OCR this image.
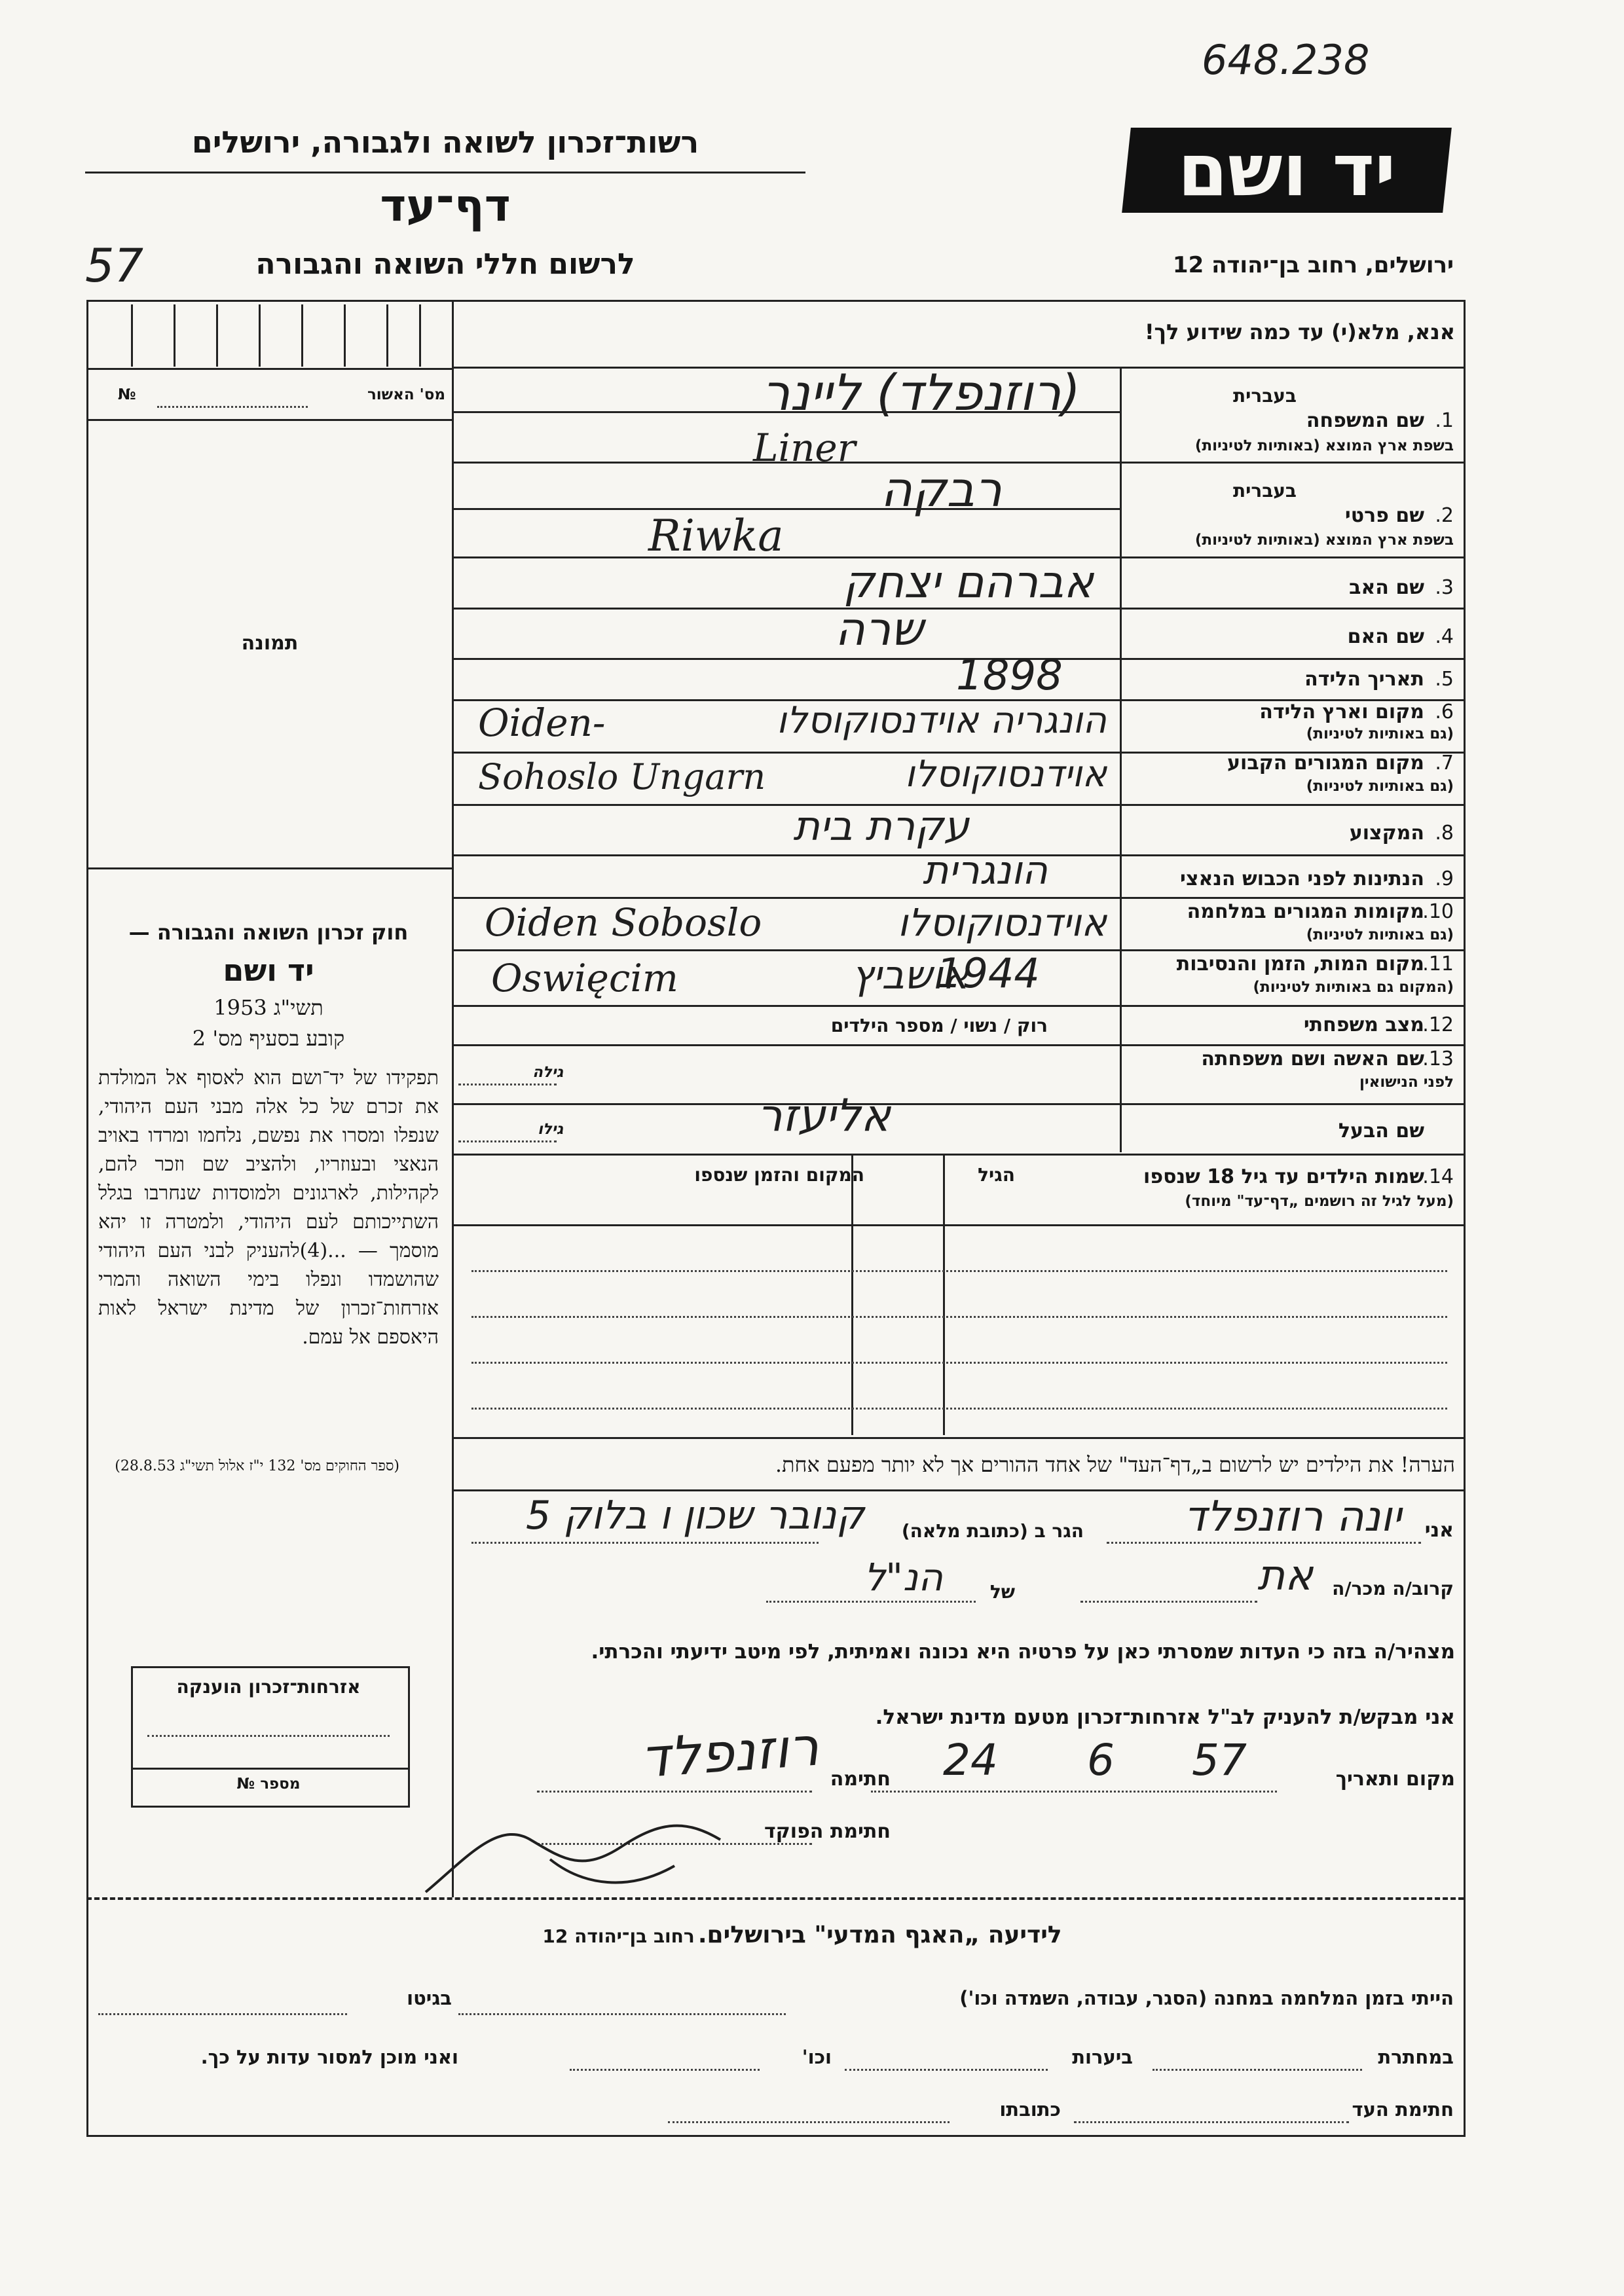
648.238
57
רשות־זכרון לשואה ולגבורה, ירושלים
דף־עד
לרשום חללי השואה והגבורה
יד ושם
ירושלים, רחוב בן־יהודה 12
אנא, מלא(י) עד כמה שידוע לך!
מס' האשור
№
תמונה
חוק זכרון השואה והגבורה —
יד ושם
תשי"ג 1953
קובע בסעיף מס' 2
תפקידו של יד־ושם הוא לאסוף אל המולדת את זכרם של כל אלה מבני העם היהודי, שנפלו ומסרו את נפשם, נלחמו ומרדו באויב הנאצי ובעוזריו, ולהציב שם וזכר להם, לקהילות, לארגונים ולמוסדות שנחרבו בגלל השתייכותם לעם היהודי, ולמטרה זו יהא מוסמך — ...(4)להעניק לבני העם היהודי שהושמדו ונפלו בימי השואה והמרי אזרחות־זכרון של מדינת ישראל לאות היאספם אל עמם.
(ספר החוקים מס' 132 י"ז אלול תשי"ג 28.8.53)
אזרחות־זכרון הוענקה
מספר №
1.
שם המשפחה
בעברית
בשפת ארץ המוצא (באותיות לטיניות)
(רוזנפלד) ליינר
Liner
2.
שם פרטי
בעברית
בשפת ארץ המוצא (באותיות לטיניות)
רבקה
Riwka
3.
שם האב
אברהם יצחק
4.
שם האם
שרה
5.
תאריך הלידה
1898
6.
מקום וארץ הלידה
(גם באותיות לטיניות)
הונגריה אוידנסוקוסלו
Oiden-
7.
מקום המגורים הקבוע
(גם באותיות לטיניות)
אוידנסוקוסלו
Sohoslo Ungarn
8.
המקצוע
עקרת בית
9.
הנתינות לפני הכבוש הנאצי
הונגרית
10.
מקומות המגורים במלחמה
(גם באותיות לטיניות)
אוידנסוקוסלו
Oiden Soboslo
11.
מקום המות, הזמן והנסיבות
(המקום גם באותיות לטיניות)
אושביץ
Oswięcim	1944
12.
מצב משפחתי
רוק / נשוי / מספר הילדים
13.
שם האשה ושם משפחתה
לפני הנישואין
גילה
שם הבעל
גילו	אליעזר
14.
שמות הילדים עד גיל 18 שנספו
(מעל לגיל זה רושמים „דף־עד" מיוחד)
הגיל
המקום והזמן שנספו
הערה! את הילדים יש לרשום ב„דף־העד" של אחד ההורים אך לא יותר מפעם אחת.
אני
יונה רוזנפלד
הגר ב (כתובת מלאה)
קנובר שכון ו בלוק 5
קרוב/ה מכר/ה
את
של
הנ"ל
מצהיר/ה בזה כי העדות שמסרתי כאן על פרטיה היא נכונה ואמיתית, לפי מיטב ידיעתי והכרתי.
אני מבקש/ת להעניק לב"ל אזרחות־זכרון מטעם מדינת ישראל.
מקום ותאריך
24 6 57
חתימה
רוזנפלד
חתימת הפוקד
לידיעה „האגף המדעי" בירושלים. רחוב בן־יהודה 12
הייתי בזמן המלחמה במחנה (הסגר, עבודה, השמדה וכו')
בגיטו
במחתרת
ביערות
וכו'
ואני מוכן למסור עדות על כך.
חתימת העד
כתובתו
